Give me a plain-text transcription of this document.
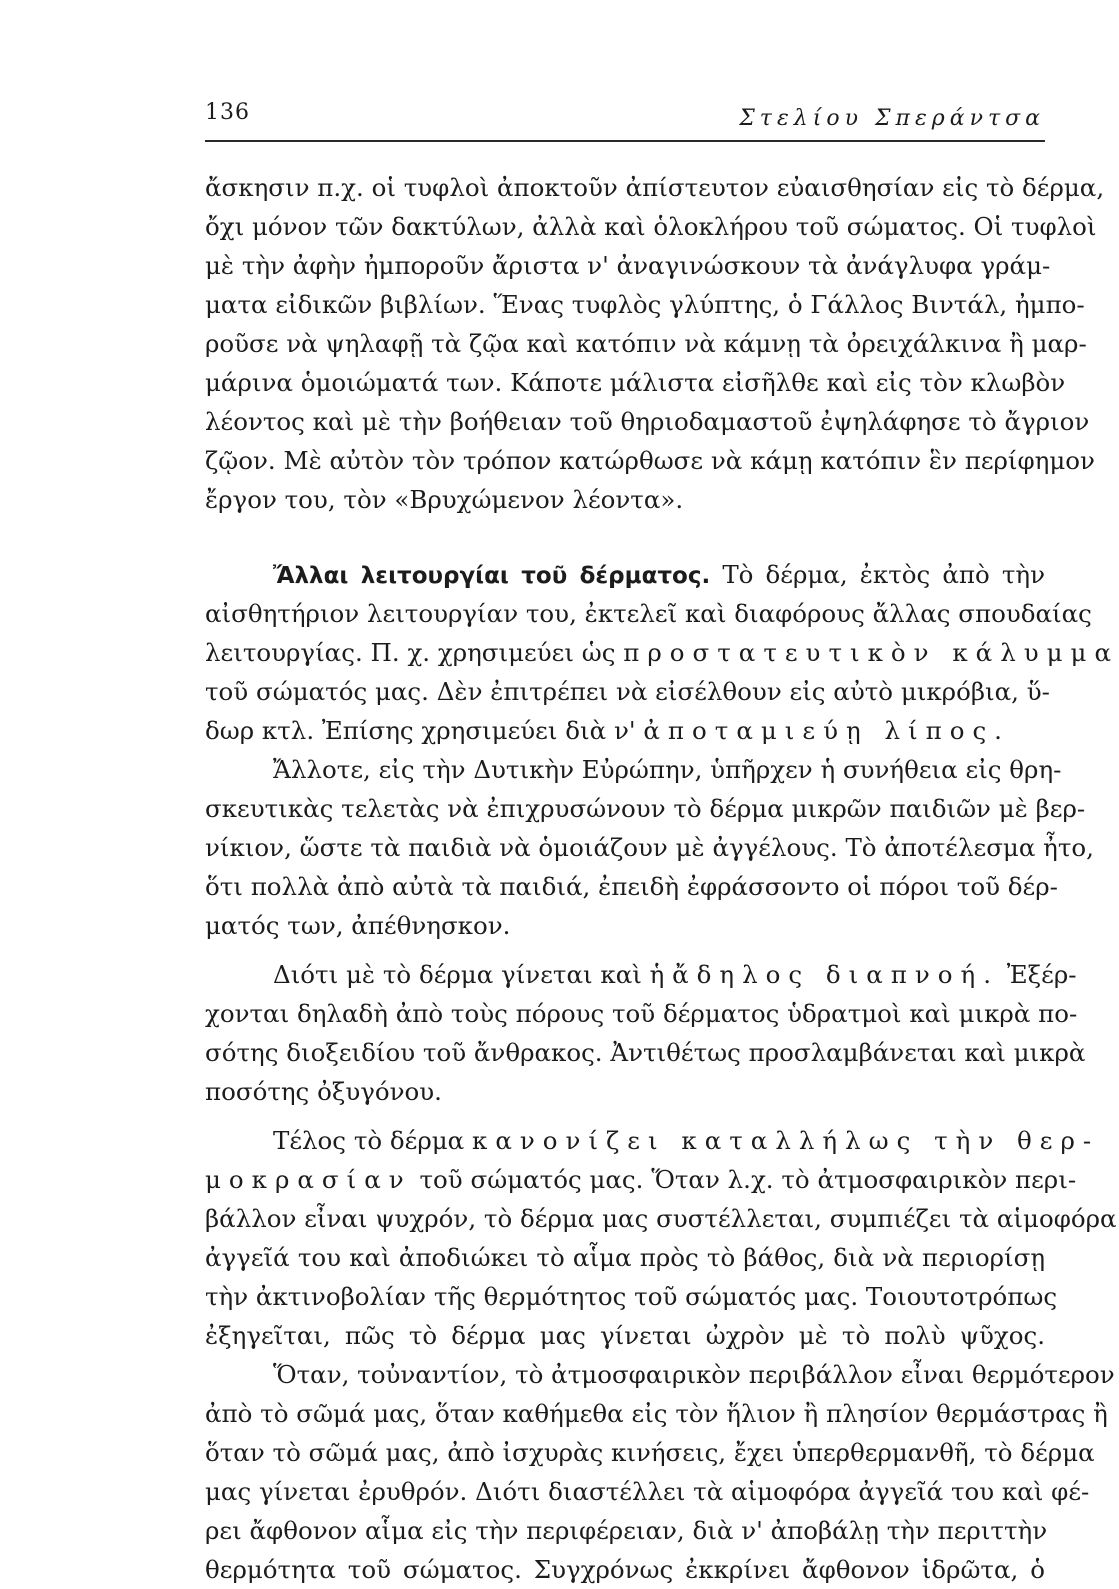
136	Στελίου Σπεράντσα
ἄσκησιν π.χ. οἱ τυφλοὶ ἀποκτοῦν ἀπίστευτον εὐαισθησίαν εἰς τὸ δέρμα,
ὄχι μόνον τῶν δακτύλων, ἀλλὰ καὶ ὁλοκλήρου τοῦ σώματος. Οἱ τυφλοὶ
μὲ τὴν ἀφὴν ἠμποροῦν ἄριστα ν' ἀναγινώσκουν τὰ ἀνάγλυφα γράμ-
ματα εἰδικῶν βιβλίων. Ἕνας τυφλὸς γλύπτης, ὁ Γάλλος Βιντάλ, ἠμπο-
ροῦσε νὰ ψηλαφῇ τὰ ζῷα καὶ κατόπιν νὰ κάμνῃ τὰ ὀρειχάλκινα ἢ μαρ-
μάρινα ὁμοιώματά των. Κάποτε μάλιστα εἰσῆλθε καὶ εἰς τὸν κλωβὸν
λέοντος καὶ μὲ τὴν βοήθειαν τοῦ θηριοδαμαστοῦ ἐψηλάφησε τὸ ἄγριον
ζῷον. Μὲ αὐτὸν τὸν τρόπον κατώρθωσε νὰ κάμῃ κατόπιν ἓν περίφημον
ἔργον του, τὸν «Βρυχώμενον λέοντα».
Ἄλλαι λειτουργίαι τοῦ δέρματος. Τὸ δέρμα, ἐκτὸς ἀπὸ τὴν
αἰσθητήριον λειτουργίαν του, ἐκτελεῖ καὶ διαφόρους ἄλλας σπουδαίας
λειτουργίας. Π. χ. χρησιμεύει ὡς προστατευτικὸν κάλυμμα
τοῦ σώματός μας. Δὲν ἐπιτρέπει νὰ εἰσέλθουν εἰς αὐτὸ μικρόβια, ὕ-
δωρ κτλ. Ἐπίσης χρησιμεύει διὰ ν' ἀποταμιεύῃ λίπος.
Ἄλλοτε, εἰς τὴν Δυτικὴν Εὐρώπην, ὑπῆρχεν ἡ συνήθεια εἰς θρη-
σκευτικὰς τελετὰς νὰ ἐπιχρυσώνουν τὸ δέρμα μικρῶν παιδιῶν μὲ βερ-
νίκιον, ὥστε τὰ παιδιὰ νὰ ὁμοιάζουν μὲ ἀγγέλους. Τὸ ἀποτέλεσμα ἦτο,
ὅτι πολλὰ ἀπὸ αὐτὰ τὰ παιδιά, ἐπειδὴ ἐφράσσοντο οἱ πόροι τοῦ δέρ-
ματός των, ἀπέθνησκον.
Διότι μὲ τὸ δέρμα γίνεται καὶ ἡ ἄδηλος διαπνοή. Ἐξέρ-
χονται δηλαδὴ ἀπὸ τοὺς πόρους τοῦ δέρματος ὑδρατμοὶ καὶ μικρὰ πο-
σότης διοξειδίου τοῦ ἄνθρακος. Ἀντιθέτως προσλαμβάνεται καὶ μικρὰ
ποσότης ὀξυγόνου.
Τέλος τὸ δέρμα κανονίζει καταλλήλως τὴν θερ-
μοκρασίαν τοῦ σώματός μας. Ὅταν λ.χ. τὸ ἀτμοσφαιρικὸν περι-
βάλλον εἶναι ψυχρόν, τὸ δέρμα μας συστέλλεται, συμπιέζει τὰ αἱμοφόρα
ἀγγεῖά του καὶ ἀποδιώκει τὸ αἷμα πρὸς τὸ βάθος, διὰ νὰ περιορίσῃ
τὴν ἀκτινοβολίαν τῆς θερμότητος τοῦ σώματός μας. Τοιουτοτρόπως
ἐξηγεῖται, πῶς τὸ δέρμα μας γίνεται ὠχρὸν μὲ τὸ πολὺ ψῦχος.
Ὅταν, τοὐναντίον, τὸ ἀτμοσφαιρικὸν περιβάλλον εἶναι θερμότερον
ἀπὸ τὸ σῶμά μας, ὅταν καθήμεθα εἰς τὸν ἥλιον ἢ πλησίον θερμάστρας ἢ
ὅταν τὸ σῶμά μας, ἀπὸ ἰσχυρὰς κινήσεις, ἔχει ὑπερθερμανθῆ, τὸ δέρμα
μας γίνεται ἐρυθρόν. Διότι διαστέλλει τὰ αἱμοφόρα ἀγγεῖά του καὶ φέ-
ρει ἄφθονον αἷμα εἰς τὴν περιφέρειαν, διὰ ν' ἀποβάλῃ τὴν περιττὴν
θερμότητα τοῦ σώματος. Συγχρόνως ἐκκρίνει ἄφθονον ἱδρῶτα, ὁ
